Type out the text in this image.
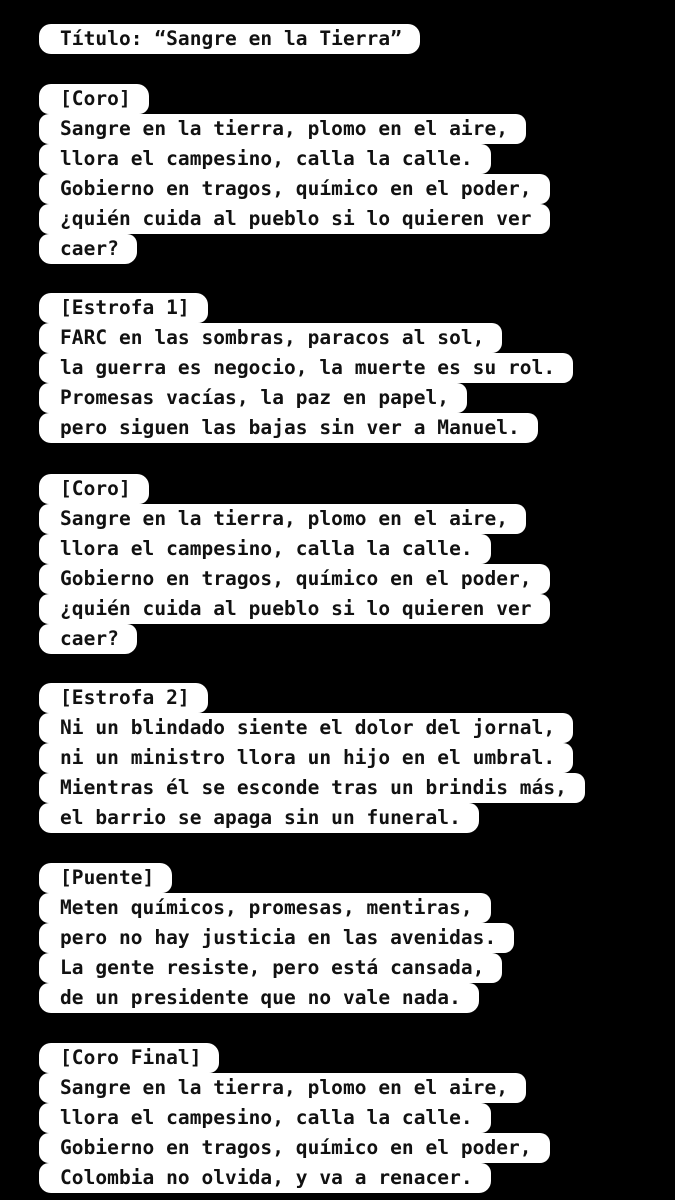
Título: “Sangre en la Tierra”
[Coro]
Sangre en la tierra, plomo en el aire,
llora el campesino, calla la calle.
Gobierno en tragos, químico en el poder,
¿quién cuida al pueblo si lo quieren ver
caer?
[Estrofa 1]
FARC en las sombras, paracos al sol,
la guerra es negocio, la muerte es su rol.
Promesas vacías, la paz en papel,
pero siguen las bajas sin ver a Manuel.
[Coro]
Sangre en la tierra, plomo en el aire,
llora el campesino, calla la calle.
Gobierno en tragos, químico en el poder,
¿quién cuida al pueblo si lo quieren ver
caer?
[Estrofa 2]
Ni un blindado siente el dolor del jornal,
ni un ministro llora un hijo en el umbral.
Mientras él se esconde tras un brindis más,
el barrio se apaga sin un funeral.
[Puente]
Meten químicos, promesas, mentiras,
pero no hay justicia en las avenidas.
La gente resiste, pero está cansada,
de un presidente que no vale nada.
[Coro Final]
Sangre en la tierra, plomo en el aire,
llora el campesino, calla la calle.
Gobierno en tragos, químico en el poder,
Colombia no olvida, y va a renacer.
